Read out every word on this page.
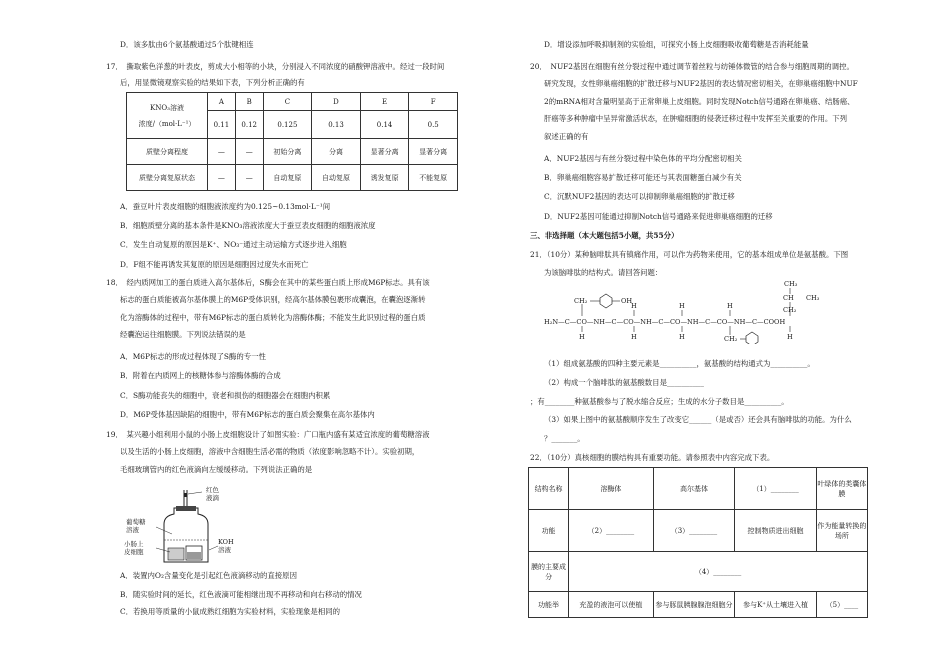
D．该多肽由6个氨基酸通过5个肽键相连
17．　撕取紫色洋葱的叶表皮，剪成大小相等的小块，分别浸入不同浓度的硝酸钾溶液中。经过一段时间
后，用显微镜观察实验的结果如下表，下列分析正确的有
KNO₃溶液
浓度/（mol·L⁻¹）	A	B	C	D	E	F
	0.11	0.12	0.125	0.13	0.14	0.5
质壁分离程度	—	—	初始分离	分离	显著分离	显著分离
质壁分离复原状态	—	—	自动复原	自动复原	诱发复原	不能复原
A．蚕豆叶片表皮细胞的细胞液浓度约为0.125~0.13mol·L⁻¹间
B．细胞质壁分离的基本条件是KNO₃溶液浓度大于蚕豆表皮细胞的细胞液浓度
C．发生自动复原的原因是K⁺、NO₃⁻通过主动运输方式逐步进入细胞
D．F组不能再诱发其复原的原因是细胞因过度失水而死亡
18．　经内质网加工的蛋白质进入高尔基体后，S酶会在其中的某些蛋白质上形成M6P标志。具有该
标志的蛋白质能被高尔基体膜上的M6P受体识别，经高尔基体膜包裹形成囊泡，在囊泡逐渐转
化为溶酶体的过程中，带有M6P标志的蛋白质转化为溶酶体酶；不能发生此识别过程的蛋白质
经囊泡运往细胞膜。下列说法错误的是
A．M6P标志的形成过程体现了S酶的专一性
B．附着在内质网上的核糖体参与溶酶体酶的合成
C．S酶功能丧失的细胞中，衰老和损伤的细胞器会在细胞内积累
D．M6P受体基因缺陷的细胞中，带有M6P标志的蛋白质会聚集在高尔基体内
19．　某兴趣小组利用小鼠的小肠上皮细胞设计了如图实验：广口瓶内盛有某适宜浓度的葡萄糖溶液
以及生活的小肠上皮细胞，溶液中含细胞生活必需的物质（浓度影响忽略不计）。实验初期，
毛细玻璃管内的红色液滴向左缓缓移动。下列说法正确的是
红色
液滴
葡萄糖
溶液
小肠上
皮细胞
KOH
溶液
A．装置内O₂含量变化是引起红色液滴移动的直接原因
B．随实验时间的延长，红色液滴可能相继出现不再移动和向右移动的情况
C．若换用等质量的小鼠成熟红细胞为实验材料，实验现象是相同的
D．增设添加呼吸抑制剂的实验组，可探究小肠上皮细胞吸收葡萄糖是否消耗能量
20．　NUF2基因在细胞有丝分裂过程中通过调节着丝粒与纺锤体微管的结合参与细胞周期的调控。
研究发现，女性卵巢癌细胞的扩散迁移与NUF2基因的表达情况密切相关，在卵巢癌细胞中NUF
2的mRNA相对含量明显高于正常卵巢上皮细胞。同时发现Notch信号通路在卵巢癌、结肠癌、
肝癌等多种肿瘤中呈异常激活状态，在肿瘤细胞的侵袭迁移过程中发挥至关重要的作用。下列
叙述正确的有
A．NUF2基因与有丝分裂过程中染色体的平均分配密切相关
B．卵巢癌细胞容易扩散迁移可能还与其表面糖蛋白减少有关
C．沉默NUF2基因的表达可以抑制卵巢癌细胞的扩散迁移
D．NUF2基因可能通过抑制Notch信号通路来促进卵巢癌细胞的迁移
三、非选择题（本大题包括5小题，共55分）
21．（10分）某种脑啡肽具有镇痛作用，可以作为药物来使用，它的基本组成单位是氨基酸。下图
为该脑啡肽的结构式。请回答问题：
CH₃
CH CH₃
CH₂	OH
CH₂
H	H
H₂N—C—CO—NH—C—CO—NH—C—CO—NH—C—CO—NH—C—COOH
H	H	H
H
H
CH₂
（1）组成氨基酸的四种主要元素是__________，氨基酸的结构通式为__________。
（2）构成一个脑啡肽的氨基酸数目是__________
；有________种氨基酸参与了脱水缩合反应；生成的水分子数目是__________。
（3）如果上图中的氨基酸顺序发生了改变它______（是或否）还会具有脑啡肽的功能。为什么
？_______。
22．（10分）真核细胞的膜结构具有重要功能。请参照表中内容完成下表。
结构名称	溶酶体	高尔基体	（1）________	叶绿体的类囊体膜
功能	（2）________	（3）________	控制物质进出细胞	作为能量转换的场所
膜的主要成分	（4）________			
功能举	充盈的液泡可以使植	参与豚鼠胰腺腺泡细胞分	参与K⁺从土壤进入植	（5）____
